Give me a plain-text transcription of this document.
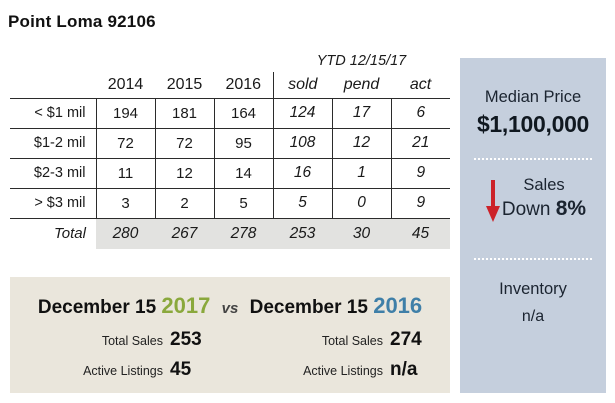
Point Loma 92106
				YTD 12/15/17		
	2014	2015	2016	sold	pend	act
< $1 mil	194	181	164	124	17	6
$1-2 mil	72	72	95	108	12	21
$2-3 mil	11	12	14	16	1	9
> $3 mil	3	2	5	5	0	9
Total	280	267	278	253	30	45
December 15 2017 vs December 15 2016
Total Sales 253
Active Listings 45
Total Sales 274
Active Listings n/a
Median Price
$1,100,000
Sales
Down 8%
Inventory
n/a
